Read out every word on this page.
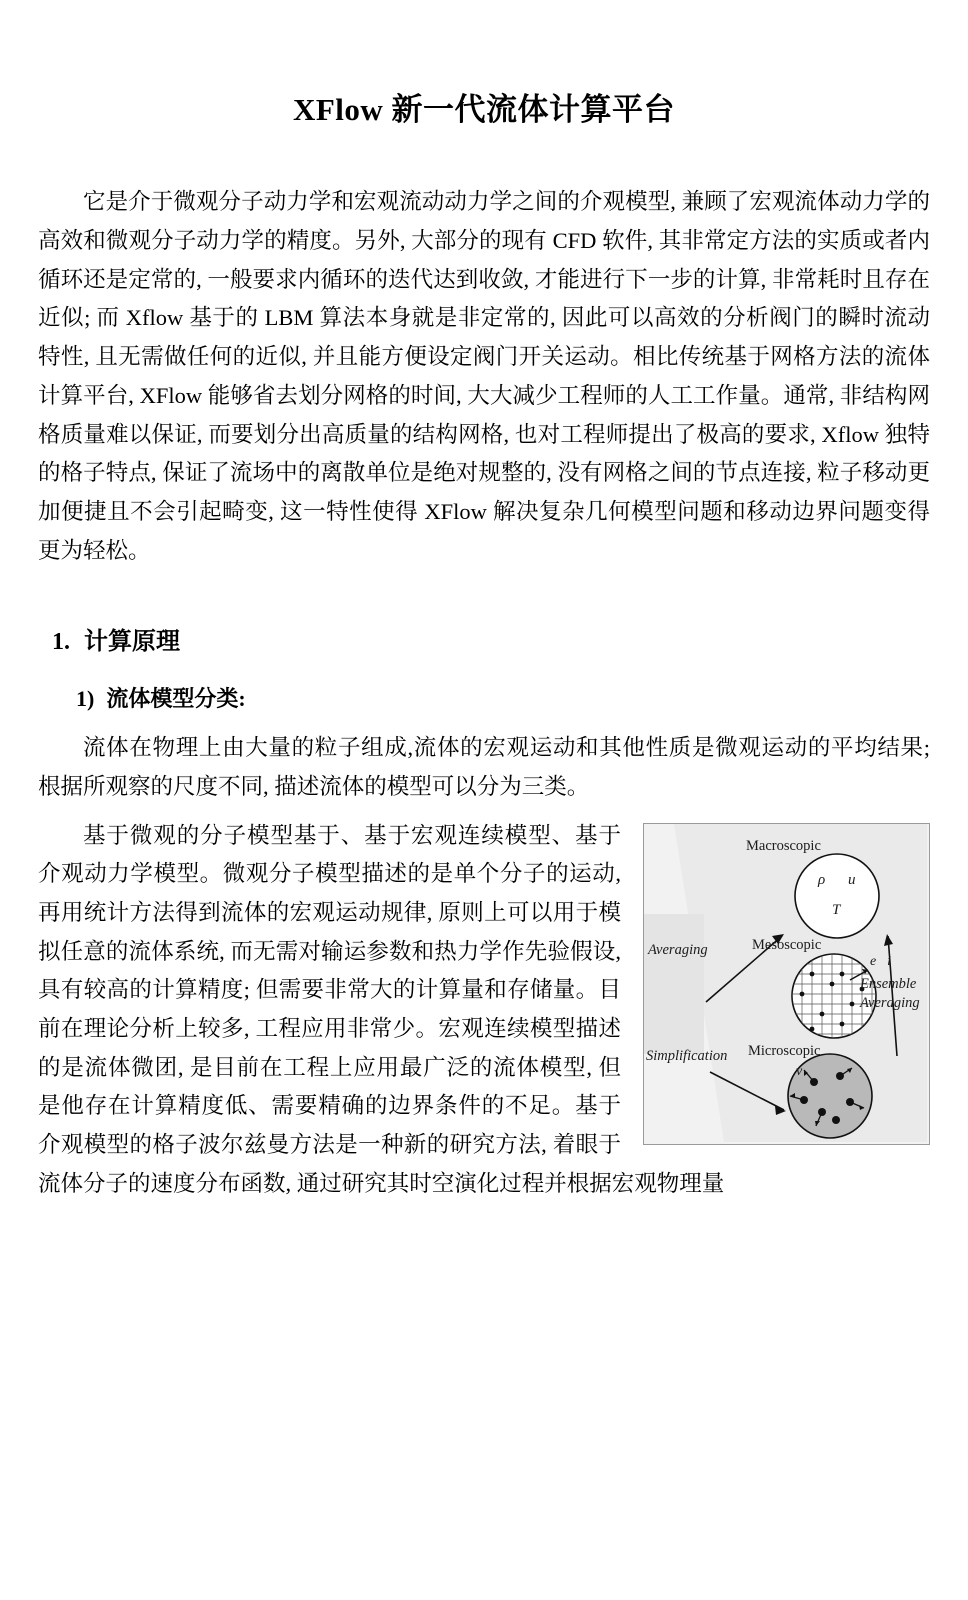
XFlow 新一代流体计算平台

它是介于微观分子动力学和宏观流动动力学之间的介观模型, 兼顾了宏观流体动力学的高效和微观分子动力学的精度。另外, 大部分的现有 CFD 软件, 其非常定方法的实质或者内循环还是定常的, 一般要求内循环的迭代达到收敛, 才能进行下一步的计算, 非常耗时且存在近似; 而 Xflow 基于的 LBM 算法本身就是非定常的, 因此可以高效的分析阀门的瞬时流动特性, 且无需做任何的近似, 并且能方便设定阀门开关运动。相比传统基于网格方法的流体计算平台, XFlow 能够省去划分网格的时间, 大大减少工程师的人工工作量。通常, 非结构网格质量难以保证, 而要划分出高质量的结构网格, 也对工程师提出了极高的要求, Xflow 独特的格子特点, 保证了流场中的离散单位是绝对规整的, 没有网格之间的节点连接, 粒子移动更加便捷且不会引起畸变, 这一特性使得 XFlow 解决复杂几何模型问题和移动边界问题变得更为轻松。

1. 计算原理
1) 流体模型分类:

流体在物理上由大量的粒子组成,流体的宏观运动和其他性质是微观运动的平均结果; 根据所观察的尺度不同, 描述流体的模型可以分为三类。

Macroscopic
ρ u⃗
T
Mesoscopic
e⃗i
Microscopic
v⃗
Averaging
Simplification
Ensemble
Averaging

基于微观的分子模型基于、基于宏观连续模型、基于介观动力学模型。微观分子模型描述的是单个分子的运动, 再用统计方法得到流体的宏观运动规律, 原则上可以用于模拟任意的流体系统, 而无需对输运参数和热力学作先验假设, 具有较高的计算精度; 但需要非常大的计算量和存储量。目前在理论分析上较多, 工程应用非常少。宏观连续模型描述的是流体微团, 是目前在工程上应用最广泛的流体模型, 但是他存在计算精度低、需要精确的边界条件的不足。基于介观模型的格子波尔兹曼方法是一种新的研究方法, 着眼于流体分子的速度分布函数, 通过研究其时空演化过程并根据宏观物理量
